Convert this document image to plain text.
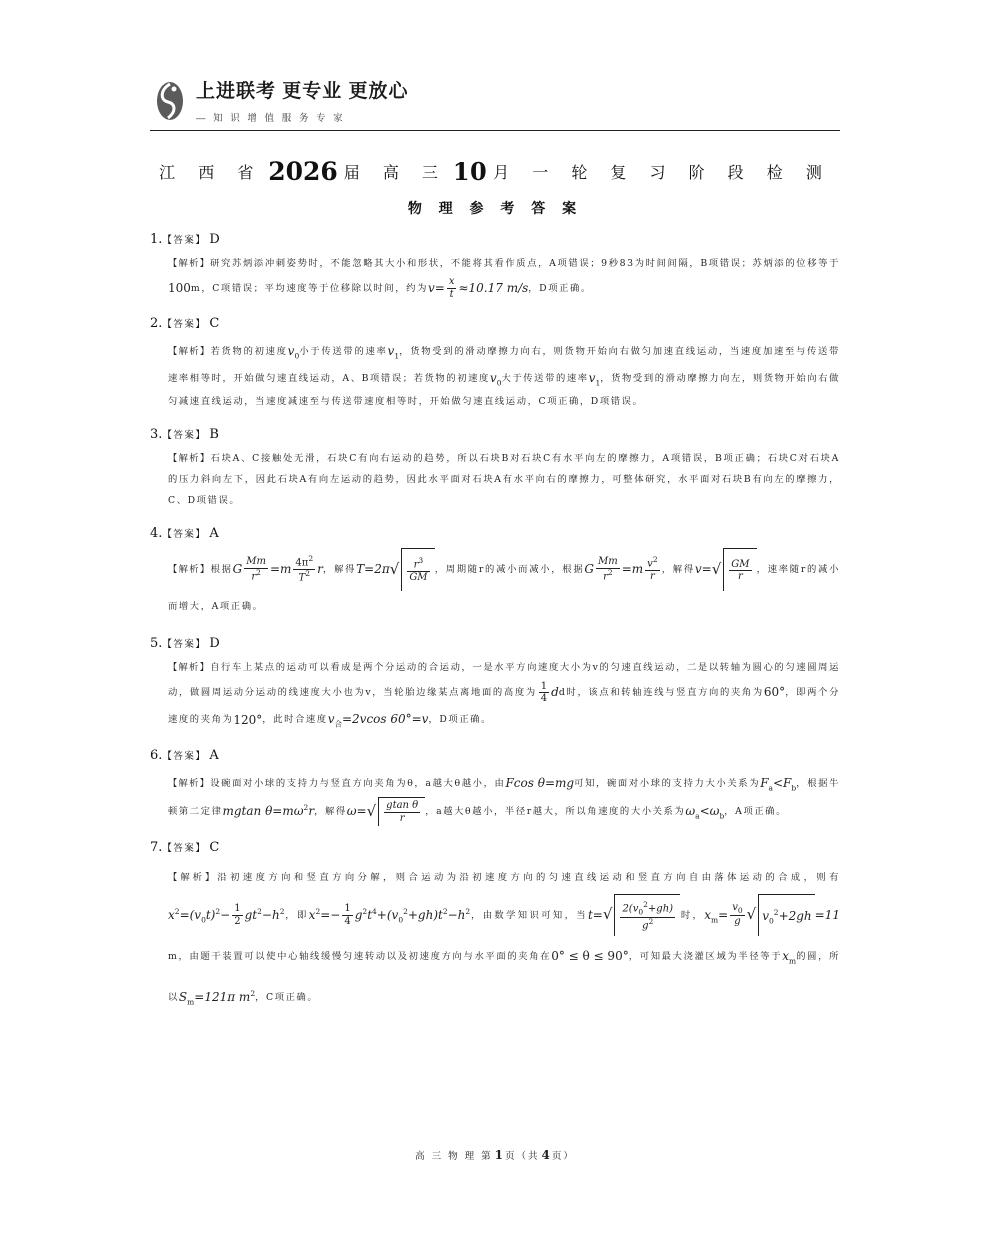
上进联考 更专业 更放心
— 知 识 增 值 服 务 专 家
江 西 省 2026 届 高 三 10 月 一 轮 复 习 阶 段 检 测
物 理 参 考 答 案
1.【答案】 D
【解析】研究苏炳添冲刺姿势时，不能忽略其大小和形状，不能将其看作质点，A项错误；9秒83为时间间隔，B项错误；苏炳添的位移等于100m，C项错误；平均速度等于位移除以时间，约为$v= \frac{x}{t} \approx 10.17$ m/s，D项正确。
2.【答案】 C
【解析】若货物的初速度$v_0$小于传送带的速率$v_1$，货物受到的滑动摩擦力向右，则货物开始向右做匀加速直线运动，当速度加速至与传送带速率相等时，开始做匀速直线运动，A、B项错误；若货物的初速度$v_0$大于传送带的速率$v_1$，货物受到的滑动摩擦力向左，则货物开始向右做匀减速直线运动，当速度减速至与传送带速度相等时，开始做匀速直线运动，C项正确，D项错误。
3.【答案】 B
【解析】石块A、C接触处无滑，石块C有向右运动的趋势，所以石块B对石块C有水平向左的摩擦力，A项错误，B项正确；石块C对石块A的压力斜向左下，因此石块A有向左运动的趋势，因此水平面对石块A有水平向右的摩擦力，可整体研究，水平面对石块B有向左的摩擦力，C、D项错误。
4.【答案】 A
【解析】根据G $\frac{Mm}{r^2} =m \frac{4\pi^2}{T^2}$ r，解得$T=2\pi√ \frac{r^3}{GM}$ ，周期随r的减小而减小，根据G $\frac{Mm}{r^2} =m \frac{v^2}{r}$ ，解得$v=√ \frac{GM}{r}$ ，速率随r的减小而增大，A项正确。
5.【答案】 D
【解析】自行车上某点的运动可以看成是两个分运动的合运动，一是水平方向速度大小为v的匀速直线运动，二是以转轴为圆心的匀速圆周运动，做圆周运动分运动的线速度大小也为v，当轮胎边缘某点离地面的高度为 $\frac{1}{4}$ dd时，该点和转轴连线与竖直方向的夹角为60°，即两个分速度的夹角为120°，此时合速度$v_合=2vcos$ 60°=v，D项正确。
6.【答案】 A
【解析】设碗面对小球的支持力与竖直方向夹角为θ，a越大θ越小，由Fcos θ=mg可知，碗面对小球的支持力大小关系为$F_a<F_b$，根据牛顿第二定律mgtan $\theta=m\omega^2r$，解得$\omega=√ \frac{\text{gtan θ}}{r}$ ，a越大θ越小，半径r越大，所以角速度的大小关系为$\omega_a<\omega_b$，A项正确。
7.【答案】 C
【解析】沿初速度方向和竖直方向分解，则合运动为沿初速度方向的匀速直线运动和竖直方向自由落体运动的合成，则有$x^2=(v_0t)^2- \frac{1}{2} gt^2-h^2$，即$x^2=- \frac{1}{4} g^2t^4+(v_0^2+gh)t^2-h^2$，由数学知识可知，当$t=√ \frac{2(v_0^2+gh)}{g^2}$ 时，$x_m= \frac{v_0}{g}$ √ $v_0^2+2gh =11m$，由题干装置可以使中心轴线缓慢匀速转动以及初速度方向与水平面的夹角在0° ≤ θ ≤ 90°，可知最大浇灌区域为半径等于$x_m$的圆，所以$S_m=121\pi$ $m^2$，C项正确。
高 三 物 理 第 1 页（共 4 页）
